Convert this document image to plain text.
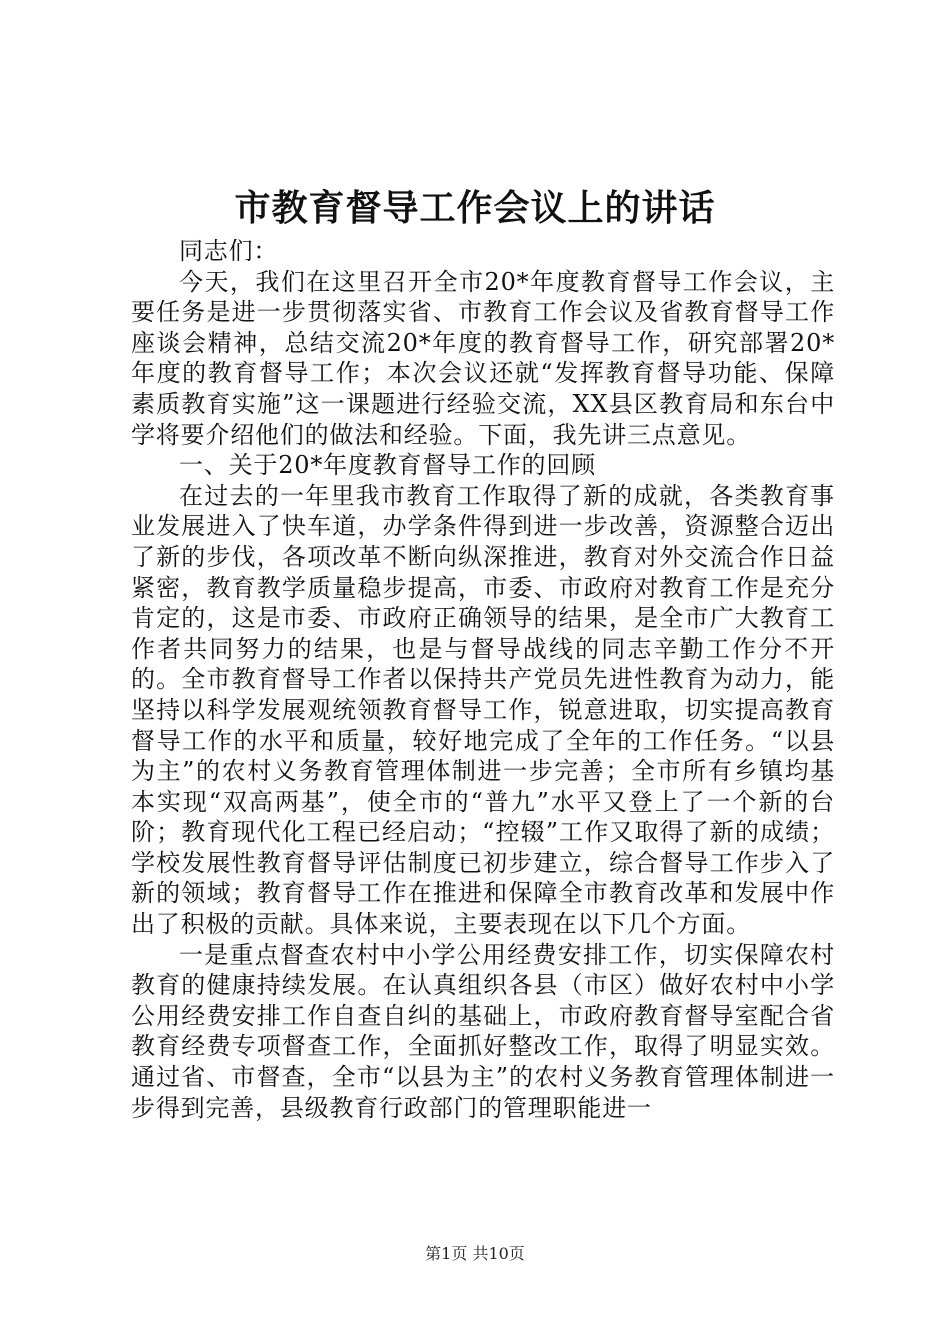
市教育督导工作会议上的讲话

同志们：

今天，我们在这里召开全市20*年度教育督导工作会议，主要任务是进一步贯彻落实省、市教育工作会议及省教育督导工作座谈会精神，总结交流20*年度的教育督导工作，研究部署20*年度的教育督导工作；本次会议还就“发挥教育督导功能、保障素质教育实施”这一课题进行经验交流，XX县区教育局和东台中学将要介绍他们的做法和经验。下面，我先讲三点意见。

一、关于20*年度教育督导工作的回顾

在过去的一年里我市教育工作取得了新的成就，各类教育事业发展进入了快车道，办学条件得到进一步改善，资源整合迈出了新的步伐，各项改革不断向纵深推进，教育对外交流合作日益紧密，教育教学质量稳步提高，市委、市政府对教育工作是充分肯定的，这是市委、市政府正确领导的结果，是全市广大教育工作者共同努力的结果，也是与督导战线的同志辛勤工作分不开的。全市教育督导工作者以保持共产党员先进性教育为动力，能坚持以科学发展观统领教育督导工作，锐意进取，切实提高教育督导工作的水平和质量，较好地完成了全年的工作任务。“以县为主”的农村义务教育管理体制进一步完善；全市所有乡镇均基本实现“双高两基”，使全市的“普九”水平又登上了一个新的台阶；教育现代化工程已经启动；“控辍”工作又取得了新的成绩；学校发展性教育督导评估制度已初步建立，综合督导工作步入了新的领域；教育督导工作在推进和保障全市教育改革和发展中作出了积极的贡献。具体来说，主要表现在以下几个方面。

一是重点督查农村中小学公用经费安排工作，切实保障农村教育的健康持续发展。在认真组织各县（市区）做好农村中小学公用经费安排工作自查自纠的基础上，市政府教育督导室配合省教育经费专项督查工作，全面抓好整改工作，取得了明显实效。通过省、市督查，全市“以县为主”的农村义务教育管理体制进一步得到完善，县级教育行政部门的管理职能进一

第1页 共10页
